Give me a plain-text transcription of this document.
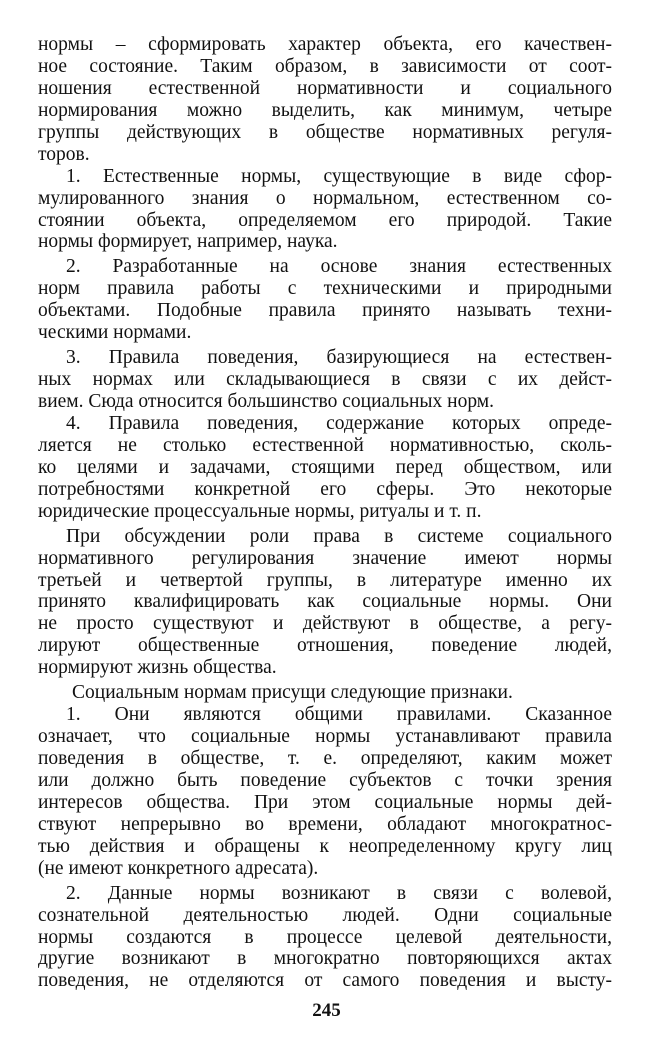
нормы – сформировать характер объекта, его качествен-
ное состояние. Таким образом, в зависимости от соот-
ношения естественной нормативности и социального
нормирования можно выделить, как минимум, четыре
группы действующих в обществе нормативных регуля-
торов.
1. Естественные нормы, существующие в виде сфор-
мулированного знания о нормальном, естественном со-
стоянии объекта, определяемом его природой. Такие
нормы формирует, например, наука.
2. Разработанные на основе знания естественных
норм правила работы с техническими и природными
объектами. Подобные правила принято называть техни-
ческими нормами.
3. Правила поведения, базирующиеся на естествен-
ных нормах или складывающиеся в связи с их дейст-
вием. Сюда относится большинство социальных норм.
4. Правила поведения, содержание которых опреде-
ляется не столько естественной нормативностью, сколь-
ко целями и задачами, стоящими перед обществом, или
потребностями конкретной его сферы. Это некоторые
юридические процессуальные нормы, ритуалы и т. п.
При обсуждении роли права в системе социального
нормативного регулирования значение имеют нормы
третьей и четвертой группы, в литературе именно их
принято квалифицировать как социальные нормы. Они
не просто существуют и действуют в обществе, а регу-
лируют общественные отношения, поведение людей,
нормируют жизнь общества.
Социальным нормам присущи следующие признаки.
1. Они являются общими правилами. Сказанное
означает, что социальные нормы устанавливают правила
поведения в обществе, т. е. определяют, каким может
или должно быть поведение субъектов с точки зрения
интересов общества. При этом социальные нормы дей-
ствуют непрерывно во времени, обладают многократнос-
тью действия и обращены к неопределенному кругу лиц
(не имеют конкретного адресата).
2. Данные нормы возникают в связи с волевой,
сознательной деятельностью людей. Одни социальные
нормы создаются в процессе целевой деятельности,
другие возникают в многократно повторяющихся актах
поведения, не отделяются от самого поведения и высту-
245
